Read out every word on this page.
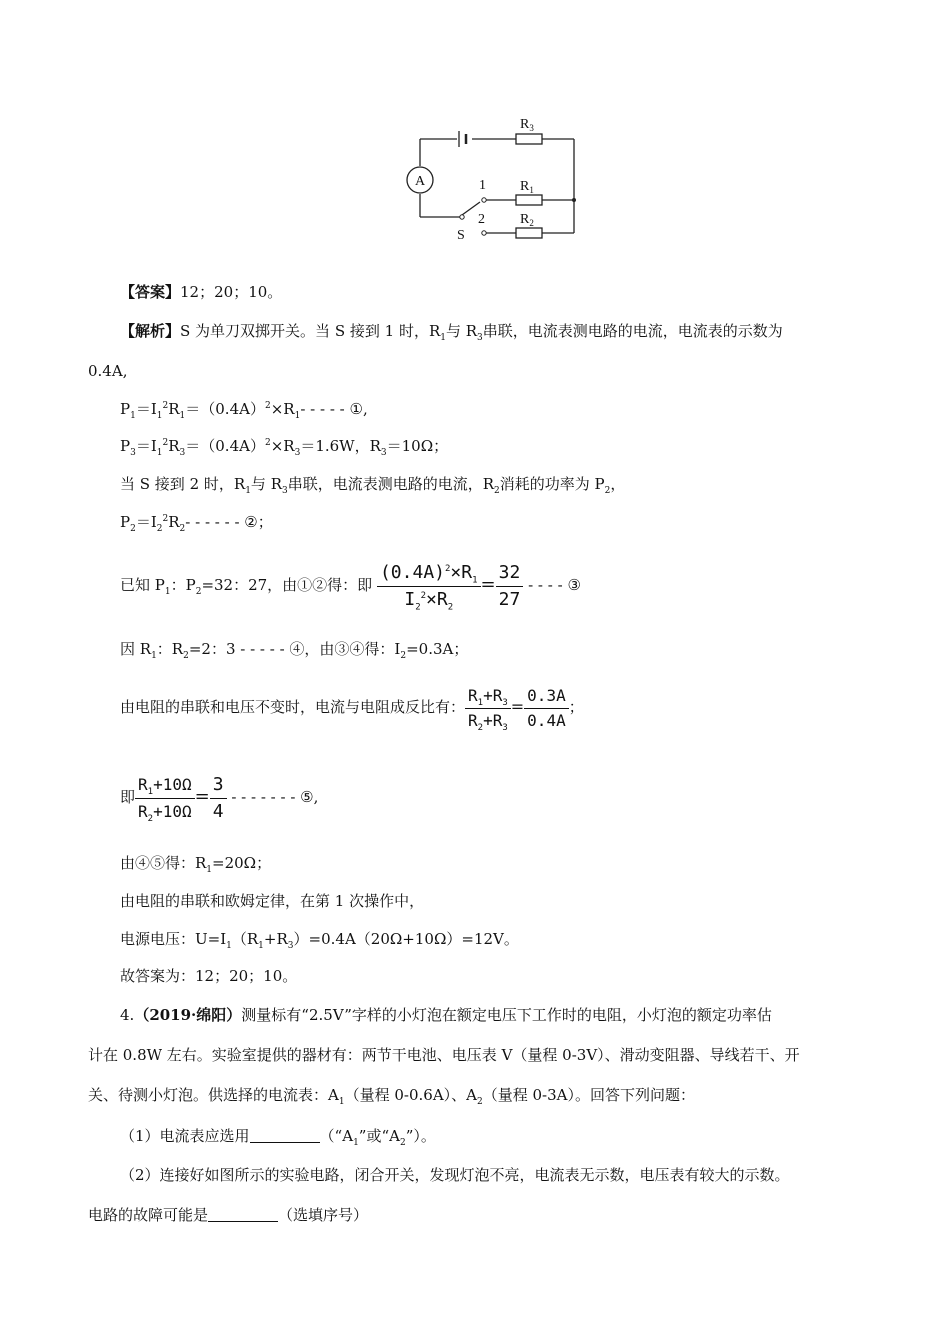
A
$R_3$
$R_1$
$R_2$
1
2
S
【答案】12；20；10。
【解析】S 为单刀双掷开关。当 S 接到 1 时，$R_1$与 $R_3$串联，电流表测电路的电流，电流表的示数为
0.4A,
$P_1=I_1^2R_1=(0.4A)^2\times R_1-$ - - - - ①,
$P_3=I_1^2R_3=(0.4A)^2\times R_3=1.6W$，$R_3=10\Omega$；
当 S 接到 2 时，$R_1$与 $R_3$串联，电流表测电路的电流，$R_2$消耗的功率为 $P_2$，
$P_2=I_2^2R_2-$ - - - - - ②；
已知 $P_1$：$P_2=32$：27，由①②得：即 $\frac{(0.4A)^2\times R_1}{I_2^2\times R_2} = \frac{32}{27}$ - - - - ③
因 $R_1$：$R_2=2$：3 - - - - - ④，由③④得：$I_2=0.3A$；
由电阻的串联和电压不变时，电流与电阻成反比有： $\frac{R_1+R_3}{R_2+R_3} = \frac{0.3A}{0.4A}$ ；
即 $\frac{R_1+10\Omega}{R_2+10\Omega} = \frac{3}{4}$ - - - - - - - ⑤,
由④⑤得：$R_1=20\Omega$；
由电阻的串联和欧姆定律，在第 1 次操作中，
电源电压：$U=I_1(R_1+R_3)=0.4A(20\Omega+10\Omega)=12V$。
故答案为：12；20；10。
4.（2019·绵阳）测量标有“2.5V”字样的小灯泡在额定电压下工作时的电阻，小灯泡的额定功率估
计在 0.8W 左右。实验室提供的器材有：两节干电池、电压表 V（量程 0-3V）、滑动变阻器、导线若干、开
关、待测小灯泡。供选择的电流表：$A_1$（量程 0-0.6A）、$A_2$（量程 0-3A）。回答下列问题：
（1）电流表应选用	（“$A_1$”或“$A_2$”）。
（2）连接好如图所示的实验电路，闭合开关，发现灯泡不亮，电流表无示数，电压表有较大的示数。
电路的故障可能是	（选填序号）
